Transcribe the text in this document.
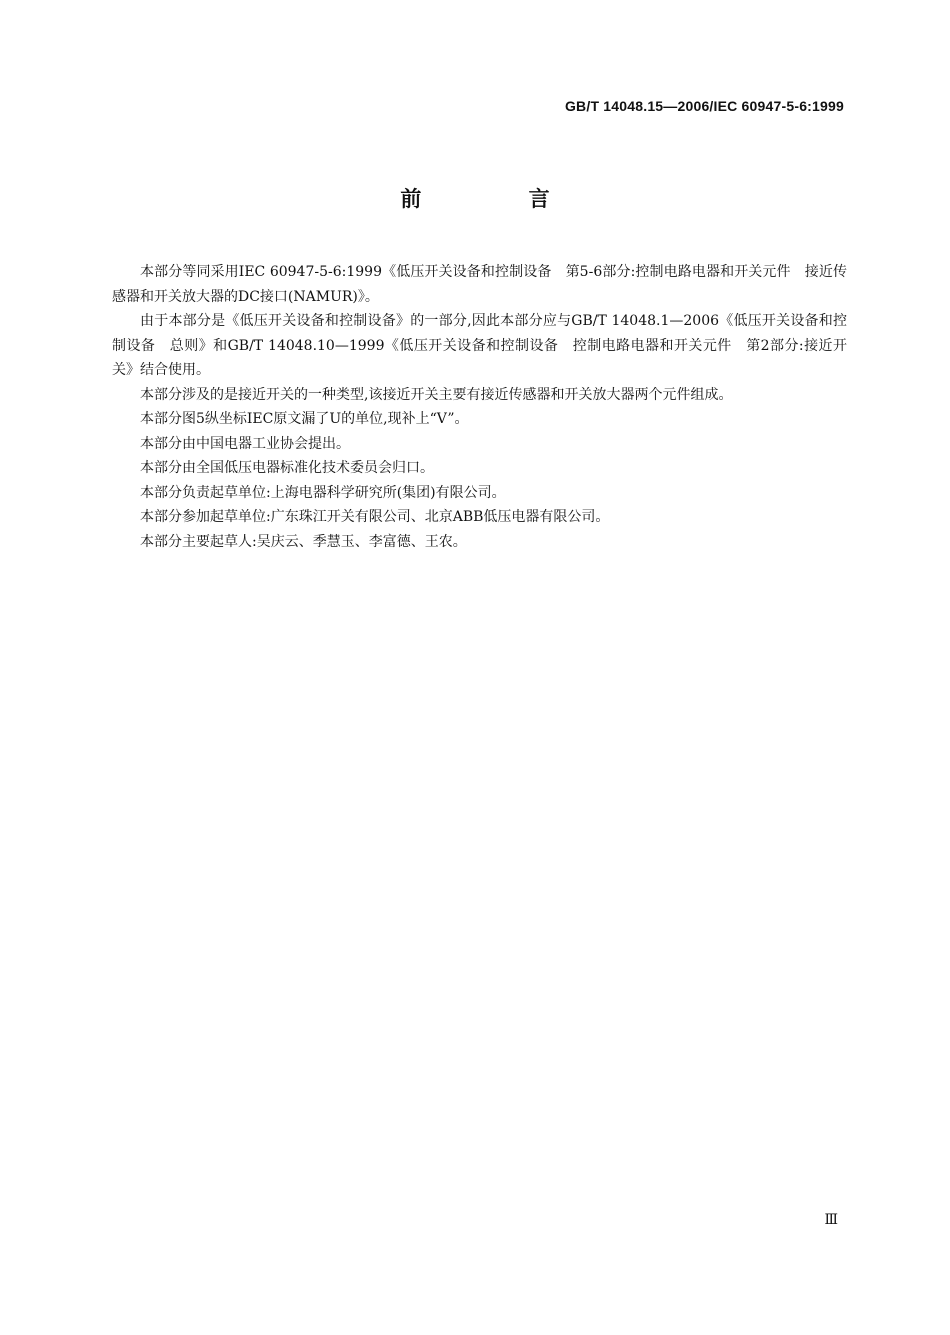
GB/T 14048.15—2006/IEC 60947-5-6:1999
前 言

本部分等同采用IEC 60947-5-6:1999《低压开关设备和控制设备　第5-6部分:控制电路电器和开关元件　接近传感器和开关放大器的DC接口(NAMUR)》。

由于本部分是《低压开关设备和控制设备》的一部分,因此本部分应与GB/T 14048.1—2006《低压开关设备和控制设备　总则》和GB/T 14048.10—1999《低压开关设备和控制设备　控制电路电器和开关元件　第2部分:接近开关》结合使用。

本部分涉及的是接近开关的一种类型,该接近开关主要有接近传感器和开关放大器两个元件组成。

本部分图5纵坐标IEC原文漏了U的单位,现补上“V”。

本部分由中国电器工业协会提出。

本部分由全国低压电器标准化技术委员会归口。

本部分负责起草单位:上海电器科学研究所(集团)有限公司。

本部分参加起草单位:广东珠江开关有限公司、北京ABB低压电器有限公司。

本部分主要起草人:吴庆云、季慧玉、李富德、王农。

Ⅲ
